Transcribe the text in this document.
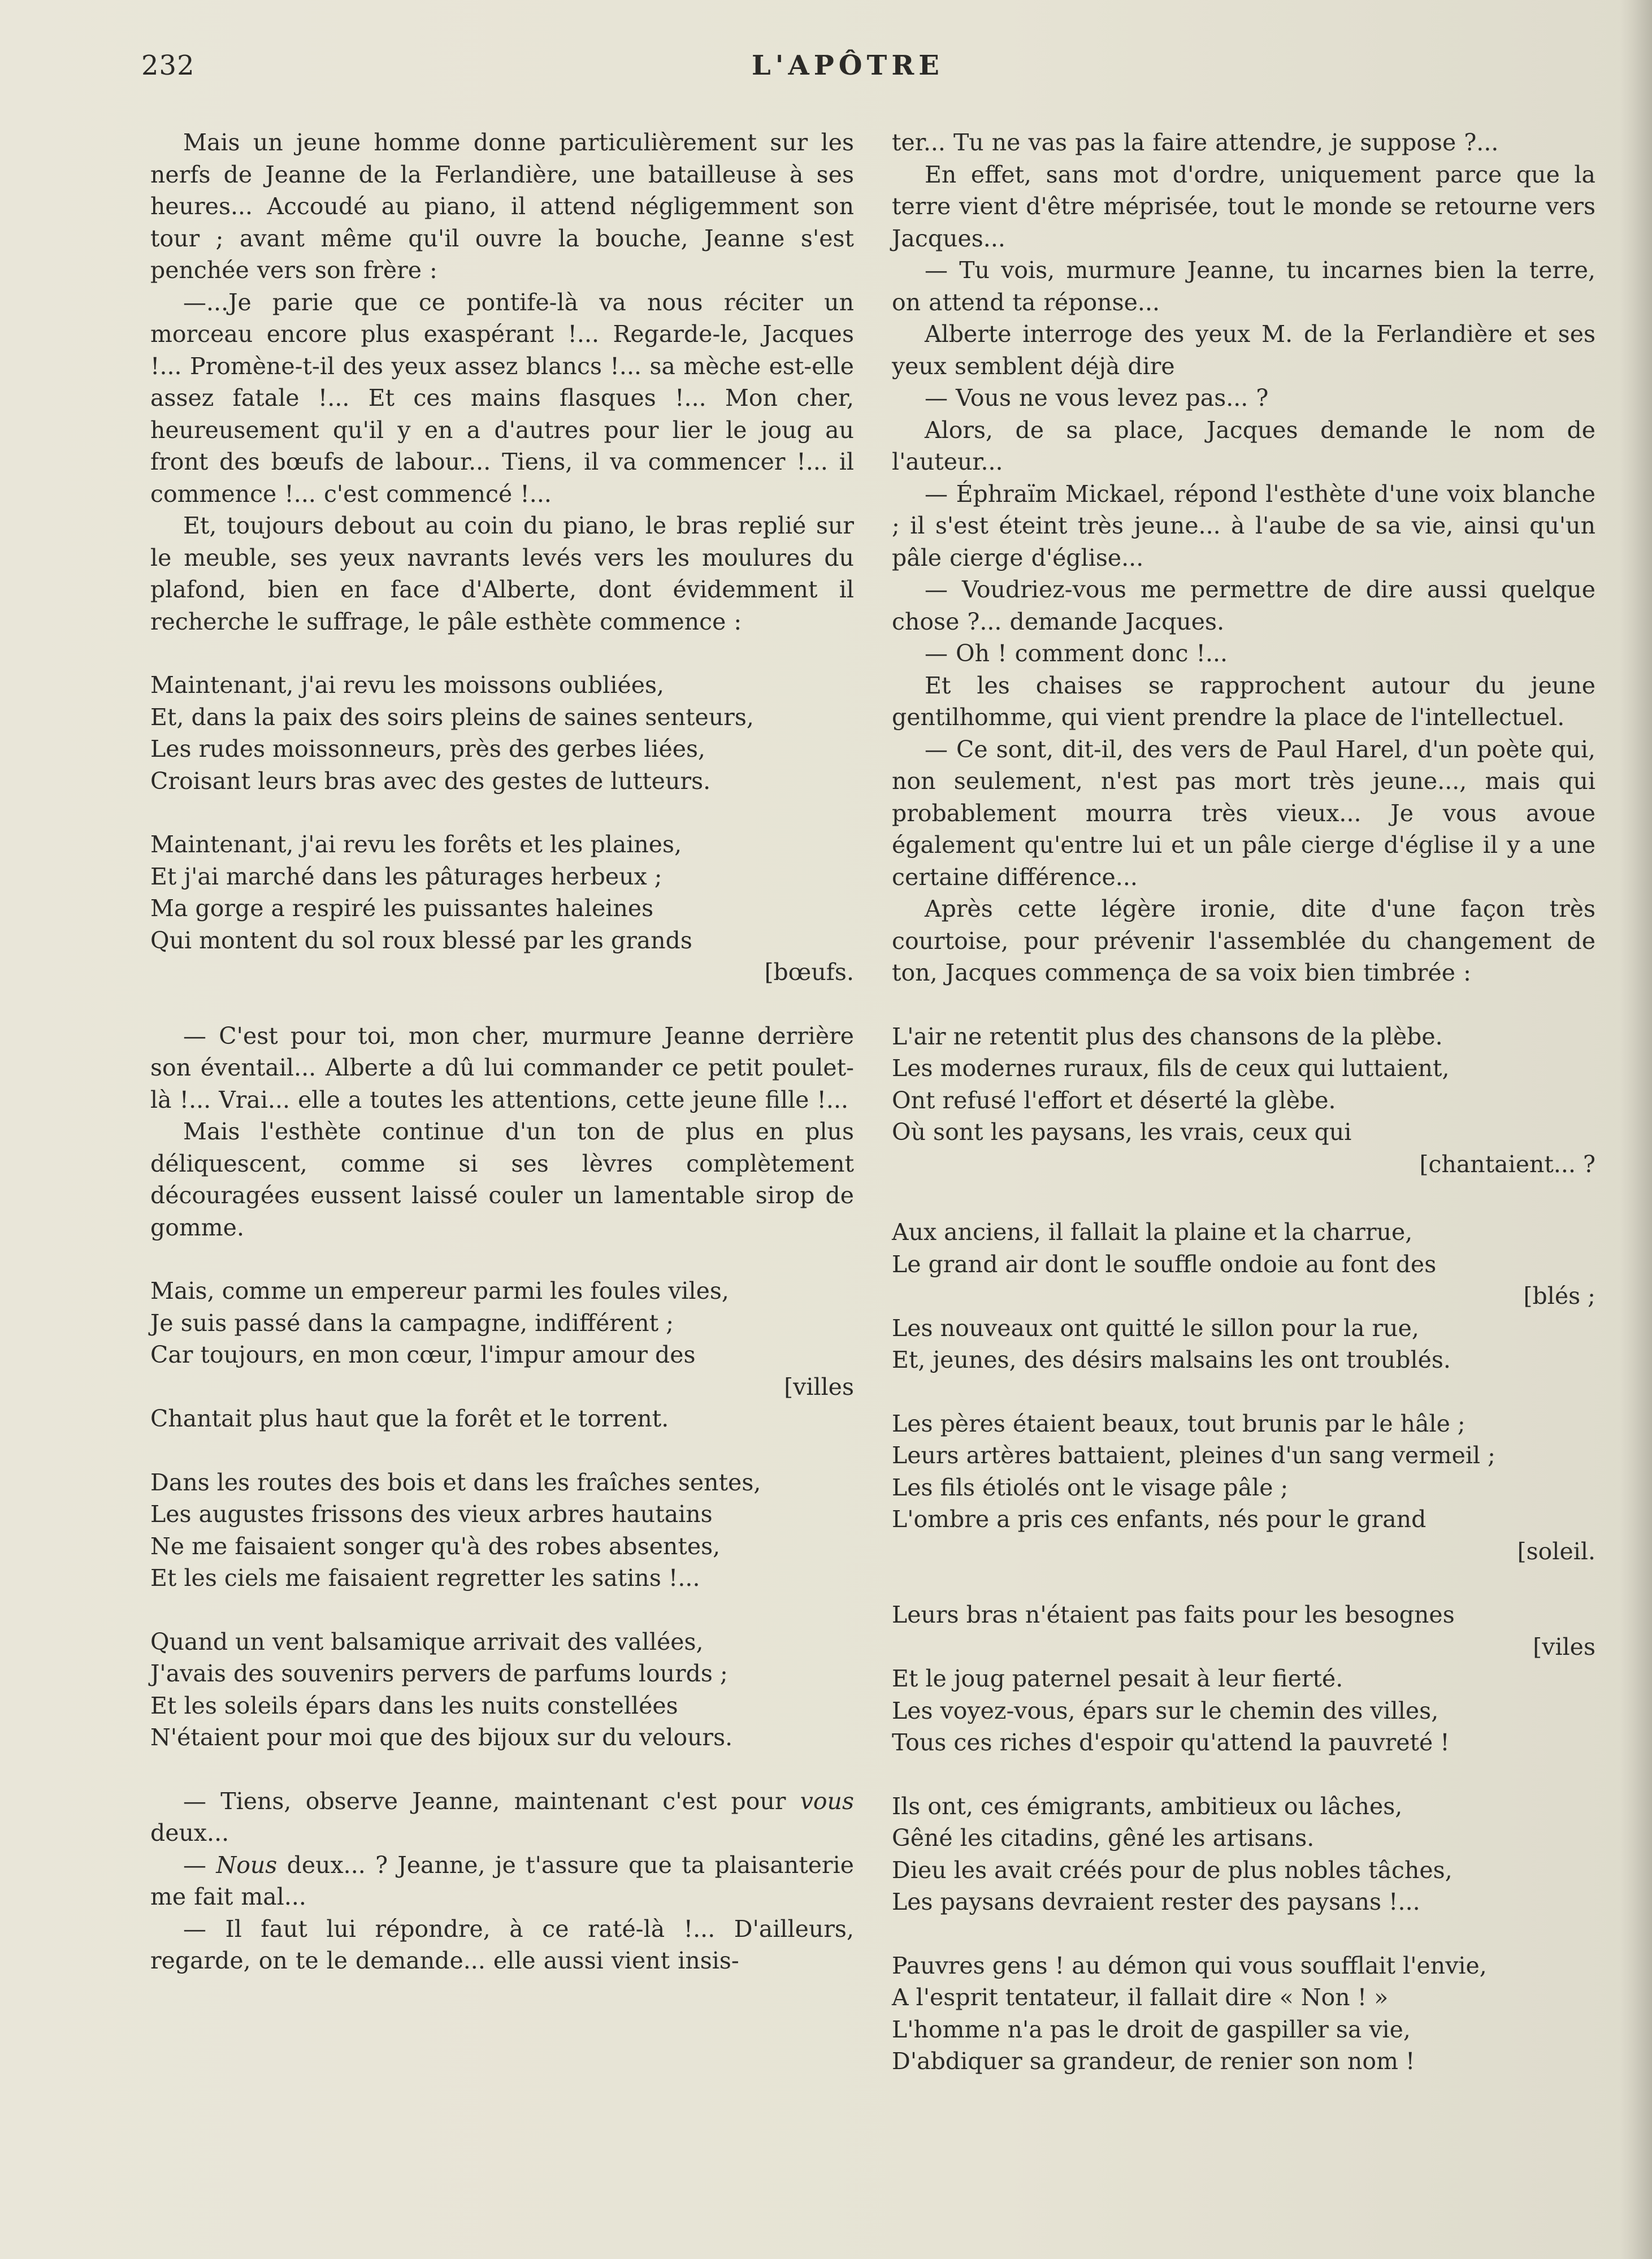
232	L'APÔTRE

Mais un jeune homme donne particulièrement sur les nerfs de Jeanne de la Ferlandière, une batailleuse à ses heures... Accoudé au piano, il attend négligemment son tour ; avant même qu'il ouvre la bouche, Jeanne s'est penchée vers son frère :

—...Je parie que ce pontife-là va nous réciter un morceau encore plus exaspérant !... Regarde-le, Jacques !... Promène-t-il des yeux assez blancs !... sa mèche est-elle assez fatale !... Et ces mains flasques !... Mon cher, heureusement qu'il y en a d'autres pour lier le joug au front des bœufs de labour... Tiens, il va commencer !... il commence !... c'est commencé !...

Et, toujours debout au coin du piano, le bras replié sur le meuble, ses yeux navrants levés vers les moulures du plafond, bien en face d'Alberte, dont évidemment il recherche le suffrage, le pâle esthète commence :

Maintenant, j'ai revu les moissons oubliées,
Et, dans la paix des soirs pleins de saines senteurs,
Les rudes moissonneurs, près des gerbes liées,
Croisant leurs bras avec des gestes de lutteurs.
Maintenant, j'ai revu les forêts et les plaines,
Et j'ai marché dans les pâturages herbeux ;
Ma gorge a respiré les puissantes haleines
Qui montent du sol roux blessé par les grands
[bœufs.

— C'est pour toi, mon cher, murmure Jeanne derrière son éventail... Alberte a dû lui commander ce petit poulet-là !... Vrai... elle a toutes les attentions, cette jeune fille !...

Mais l'esthète continue d'un ton de plus en plus déliquescent, comme si ses lèvres complètement découragées eussent laissé couler un lamentable sirop de gomme.

Mais, comme un empereur parmi les foules viles,
Je suis passé dans la campagne, indifférent ;
Car toujours, en mon cœur, l'impur amour des
[villes
Chantait plus haut que la forêt et le torrent.
Dans les routes des bois et dans les fraîches sentes,
Les augustes frissons des vieux arbres hautains
Ne me faisaient songer qu'à des robes absentes,
Et les ciels me faisaient regretter les satins !...
Quand un vent balsamique arrivait des vallées,
J'avais des souvenirs pervers de parfums lourds ;
Et les soleils épars dans les nuits constellées
N'étaient pour moi que des bijoux sur du velours.

— Tiens, observe Jeanne, maintenant c'est pour vous deux...

— Nous deux... ? Jeanne, je t'assure que ta plaisanterie me fait mal...

— Il faut lui répondre, à ce raté-là !... D'ailleurs, regarde, on te le demande... elle aussi vient insis-

ter... Tu ne vas pas la faire attendre, je suppose ?...

En effet, sans mot d'ordre, uniquement parce que la terre vient d'être méprisée, tout le monde se retourne vers Jacques...

— Tu vois, murmure Jeanne, tu incarnes bien la terre, on attend ta réponse...

Alberte interroge des yeux M. de la Ferlandière et ses yeux semblent déjà dire

— Vous ne vous levez pas... ?

Alors, de sa place, Jacques demande le nom de l'auteur...

— Éphraïm Mickael, répond l'esthète d'une voix blanche ; il s'est éteint très jeune... à l'aube de sa vie, ainsi qu'un pâle cierge d'église...

— Voudriez-vous me permettre de dire aussi quelque chose ?... demande Jacques.

— Oh ! comment donc !...

Et les chaises se rapprochent autour du jeune gentilhomme, qui vient prendre la place de l'intellectuel.

— Ce sont, dit-il, des vers de Paul Harel, d'un poète qui, non seulement, n'est pas mort très jeune..., mais qui probablement mourra très vieux... Je vous avoue également qu'entre lui et un pâle cierge d'église il y a une certaine différence...

Après cette légère ironie, dite d'une façon très courtoise, pour prévenir l'assemblée du changement de ton, Jacques commença de sa voix bien timbrée :

L'air ne retentit plus des chansons de la plèbe.
Les modernes ruraux, fils de ceux qui luttaient,
Ont refusé l'effort et déserté la glèbe.
Où sont les paysans, les vrais, ceux qui
[chantaient... ?
Aux anciens, il fallait la plaine et la charrue,
Le grand air dont le souffle ondoie au font des
[blés ;
Les nouveaux ont quitté le sillon pour la rue,
Et, jeunes, des désirs malsains les ont troublés.
Les pères étaient beaux, tout brunis par le hâle ;
Leurs artères battaient, pleines d'un sang vermeil ;
Les fils étiolés ont le visage pâle ;
L'ombre a pris ces enfants, nés pour le grand
[soleil.
Leurs bras n'étaient pas faits pour les besognes
[viles
Et le joug paternel pesait à leur fierté.
Les voyez-vous, épars sur le chemin des villes,
Tous ces riches d'espoir qu'attend la pauvreté !
Ils ont, ces émigrants, ambitieux ou lâches,
Gêné les citadins, gêné les artisans.
Dieu les avait créés pour de plus nobles tâches,
Les paysans devraient rester des paysans !...
Pauvres gens ! au démon qui vous soufflait l'envie,
A l'esprit tentateur, il fallait dire « Non ! »
L'homme n'a pas le droit de gaspiller sa vie,
D'abdiquer sa grandeur, de renier son nom !
